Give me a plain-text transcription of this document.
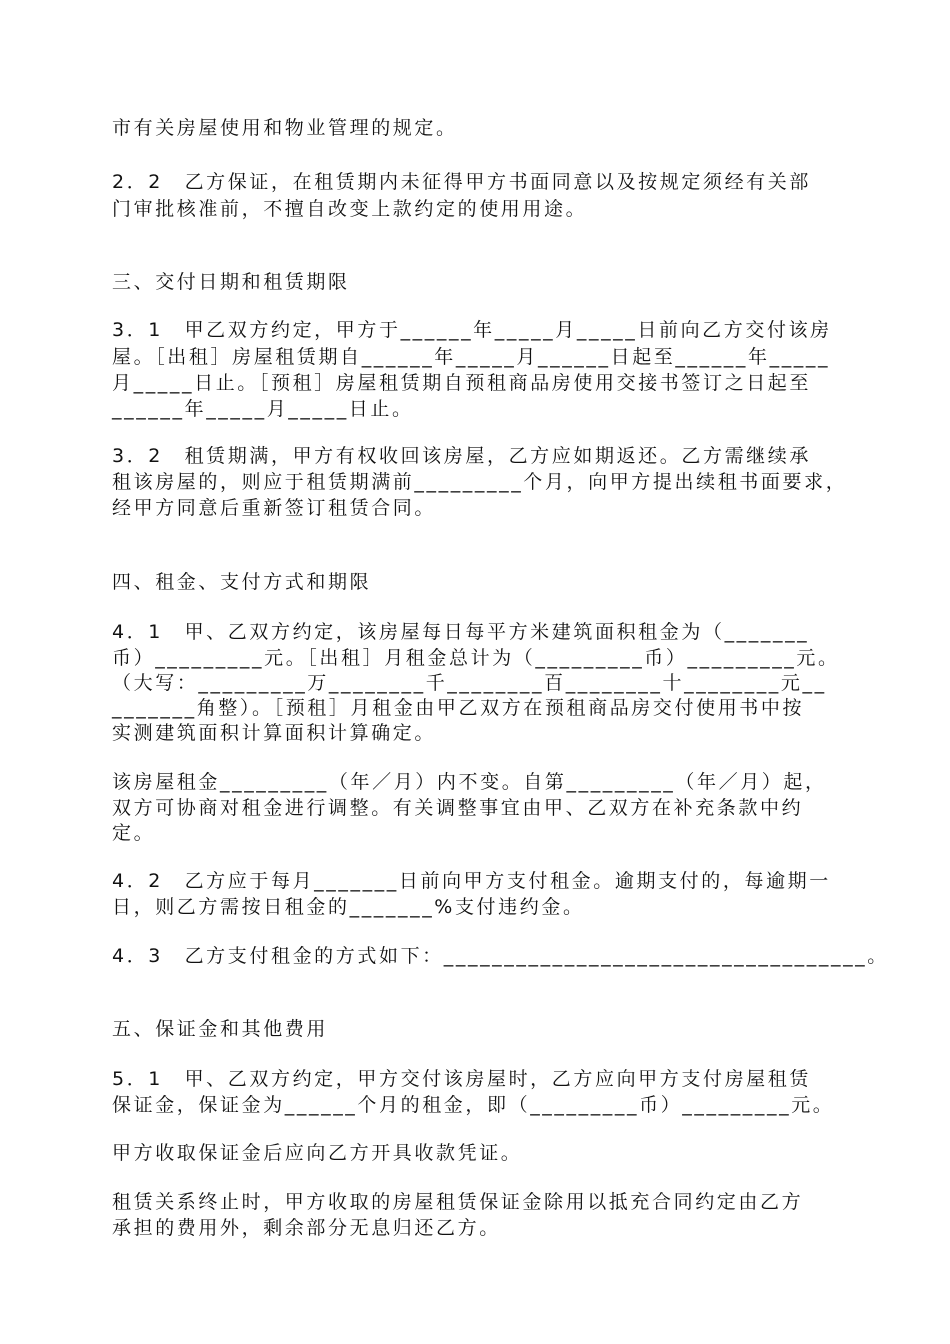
市有关房屋使用和物业管理的规定。
2．2　乙方保证，在租赁期内未征得甲方书面同意以及按规定须经有关部
门审批核准前，不擅自改变上款约定的使用用途。
三、交付日期和租赁期限
3．1　甲乙双方约定，甲方于______年_____月_____日前向乙方交付该房
屋。［出租］房屋租赁期自______年_____月______日起至______年_____
月_____日止。［预租］房屋租赁期自预租商品房使用交接书签订之日起至
______年_____月_____日止。
3．2　租赁期满，甲方有权收回该房屋，乙方应如期返还。乙方需继续承
租该房屋的，则应于租赁期满前_________个月，向甲方提出续租书面要求，
经甲方同意后重新签订租赁合同。
四、租金、支付方式和期限
4．1　甲、乙双方约定，该房屋每日每平方米建筑面积租金为（_______
币）_________元。［出租］月租金总计为（_________币）_________元。
（大写：_________万________千________百________十________元__
_______角整）。［预租］月租金由甲乙双方在预租商品房交付使用书中按
实测建筑面积计算面积计算确定。
该房屋租金_________（年／月）内不变。自第_________（年／月）起，
双方可协商对租金进行调整。有关调整事宜由甲、乙双方在补充条款中约
定。
4．2　乙方应于每月_______日前向甲方支付租金。逾期支付的，每逾期一
日，则乙方需按日租金的_______%支付违约金。
4．3　乙方支付租金的方式如下：___________________________________。
五、保证金和其他费用
5．1　甲、乙双方约定，甲方交付该房屋时，乙方应向甲方支付房屋租赁
保证金，保证金为______个月的租金，即（_________币）_________元。
甲方收取保证金后应向乙方开具收款凭证。
租赁关系终止时，甲方收取的房屋租赁保证金除用以抵充合同约定由乙方
承担的费用外，剩余部分无息归还乙方。
